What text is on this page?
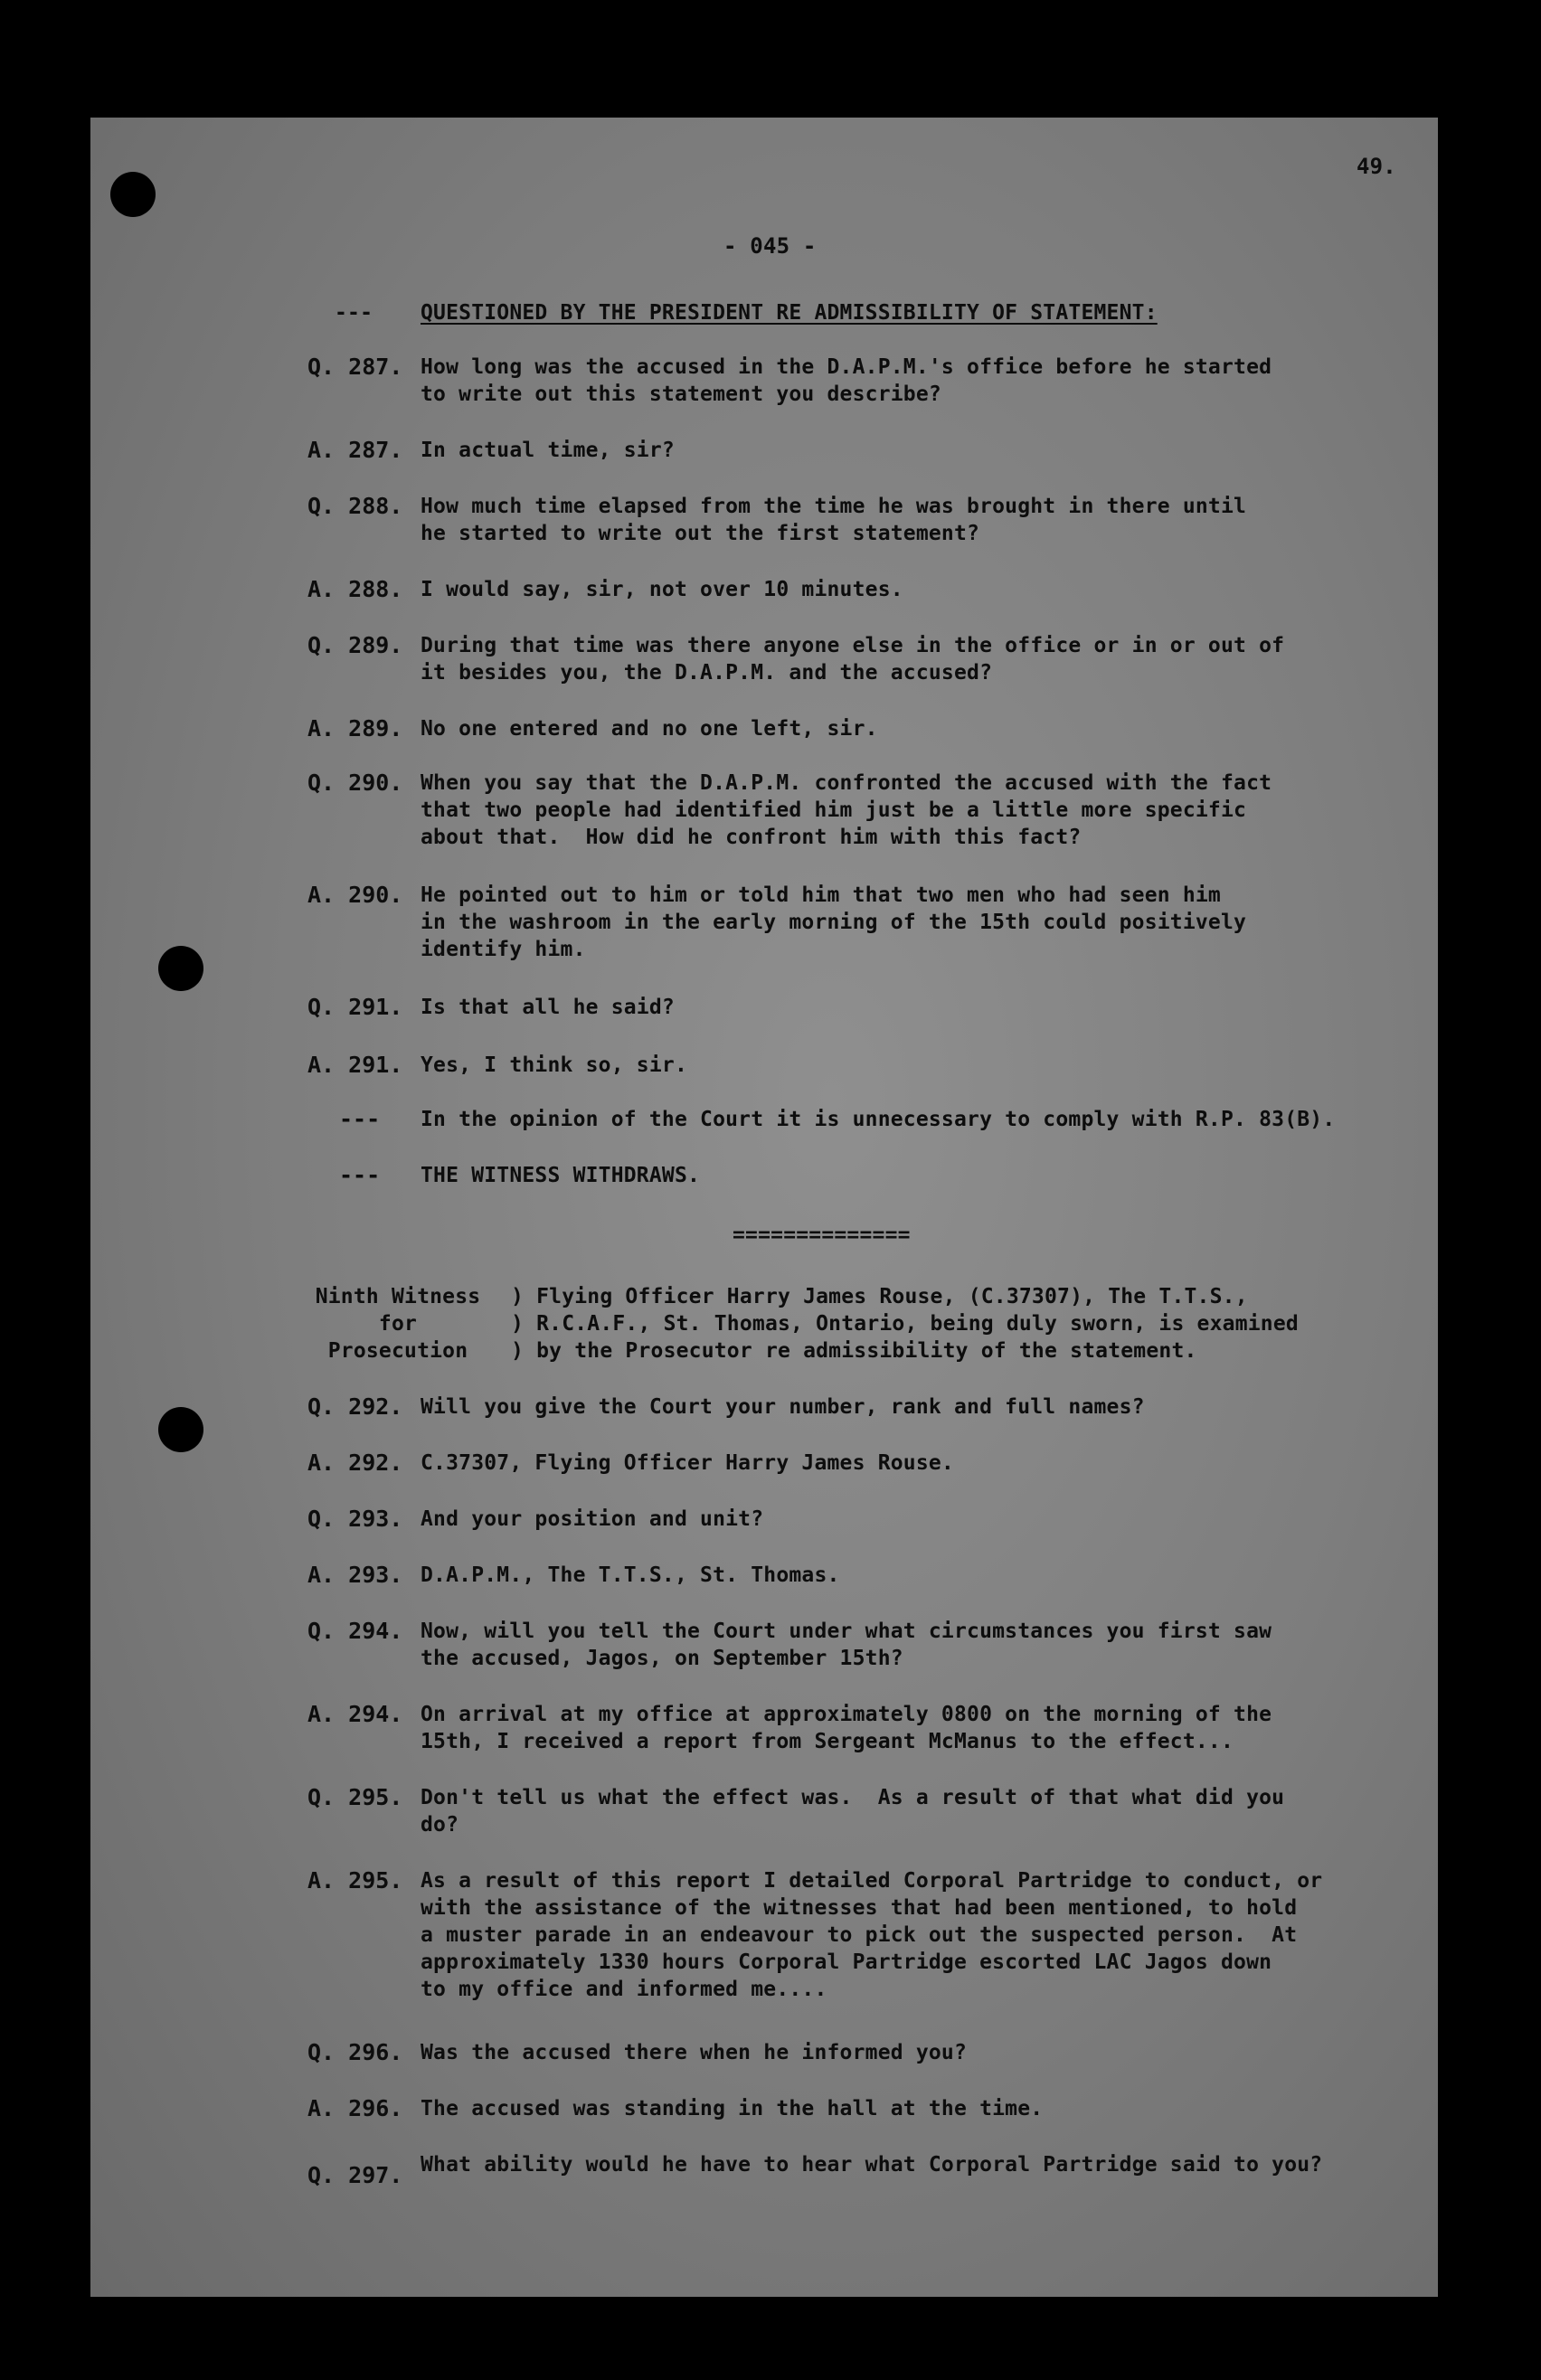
49.
- 045 -
--- QUESTIONED BY THE PRESIDENT RE ADMISSIBILITY OF STATEMENT:
Q. 287. How long was the accused in the D.A.P.M.'s office before he started
to write out this statement you describe?
A. 287. In actual time, sir?
Q. 288. How much time elapsed from the time he was brought in there until
he started to write out the first statement?
A. 288. I would say, sir, not over 10 minutes.
Q. 289. During that time was there anyone else in the office or in or out of
it besides you, the D.A.P.M. and the accused?
A. 289. No one entered and no one left, sir.
Q. 290. When you say that the D.A.P.M. confronted the accused with the fact
that two people had identified him just be a little more specific
about that.  How did he confront him with this fact?
A. 290. He pointed out to him or told him that two men who had seen him
in the washroom in the early morning of the 15th could positively
identify him.
Q. 291. Is that all he said?
A. 291. Yes, I think so, sir.
--- In the opinion of the Court it is unnecessary to comply with R.P. 83(B).
--- THE WITNESS WITHDRAWS.
==============
Ninth Witness
for
Prosecution
) Flying Officer Harry James Rouse, (C.37307), The T.T.S.,
) R.C.A.F., St. Thomas, Ontario, being duly sworn, is examined
) by the Prosecutor re admissibility of the statement.
Q. 292. Will you give the Court your number, rank and full names?
A. 292. C.37307, Flying Officer Harry James Rouse.
Q. 293. And your position and unit?
A. 293. D.A.P.M., The T.T.S., St. Thomas.
Q. 294. Now, will you tell the Court under what circumstances you first saw
the accused, Jagos, on September 15th?
A. 294. On arrival at my office at approximately 0800 on the morning of the
15th, I received a report from Sergeant McManus to the effect...
Q. 295. Don't tell us what the effect was.  As a result of that what did you
do?
A. 295. As a result of this report I detailed Corporal Partridge to conduct, or
with the assistance of the witnesses that had been mentioned, to hold
a muster parade in an endeavour to pick out the suspected person.  At
approximately 1330 hours Corporal Partridge escorted LAC Jagos down
to my office and informed me....
Q. 296. Was the accused there when he informed you?
A. 296. The accused was standing in the hall at the time.
Q. 297. What ability would he have to hear what Corporal Partridge said to you?
